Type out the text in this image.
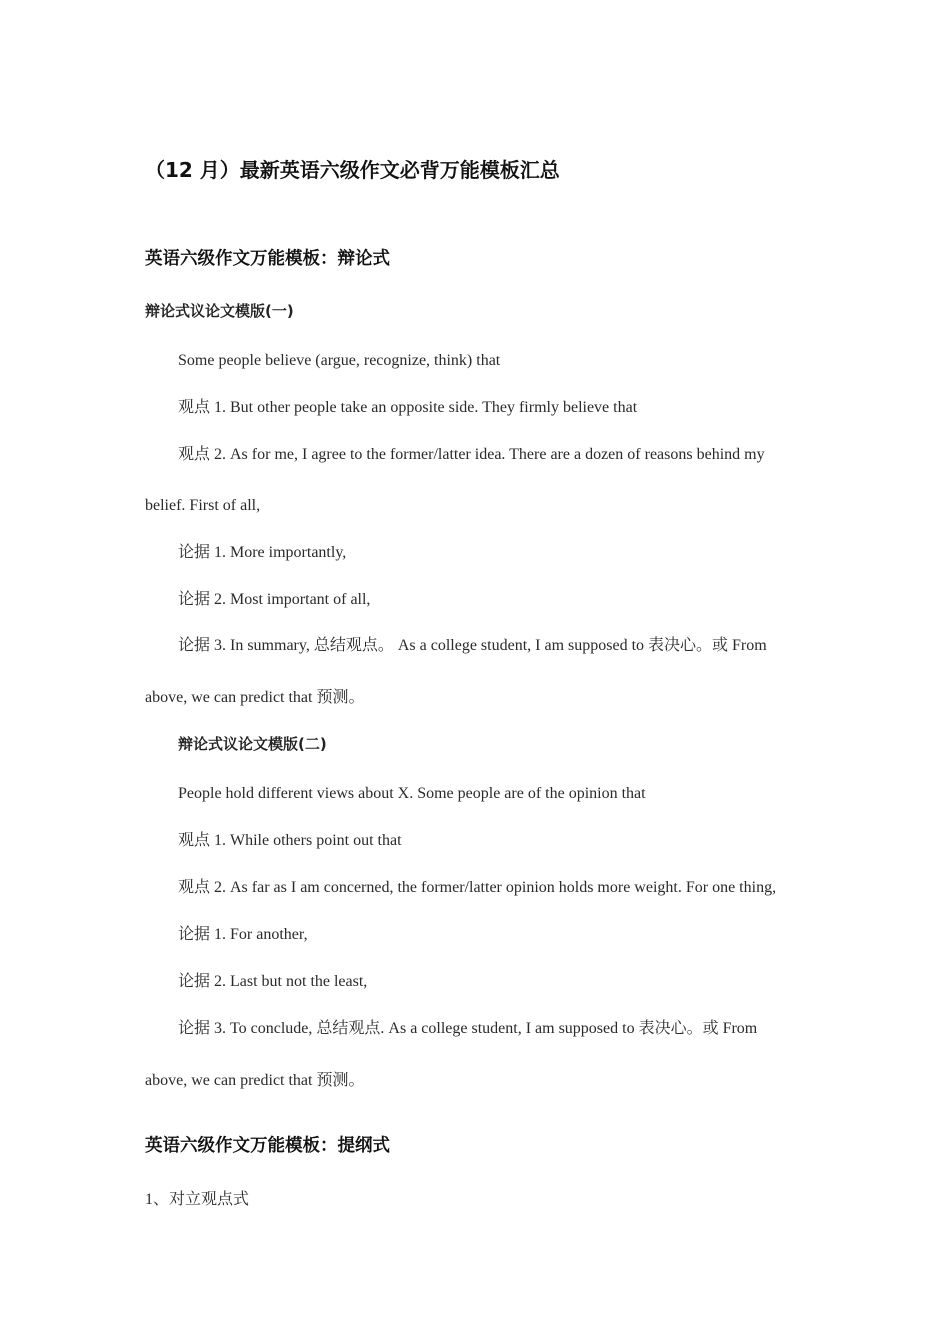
（12 月）最新英语六级作文必背万能模板汇总
英语六级作文万能模板：辩论式
辩论式议论文模版(一)
Some people believe (argue, recognize, think) that
观点 1. But other people take an opposite side. They firmly believe that
观点 2. As for me, I agree to the former/latter idea. There are a dozen of reasons behind my
belief. First of all,
论据 1. More importantly,
论据 2. Most important of all,
论据 3. In summary, 总结观点。 As a college student, I am supposed to 表决心。或 From
above, we can predict that 预测。
辩论式议论文模版(二)
People hold different views about X. Some people are of the opinion that
观点 1. While others point out that
观点 2. As far as I am concerned, the former/latter opinion holds more weight. For one thing,
论据 1. For another,
论据 2. Last but not the least,
论据 3. To conclude, 总结观点. As a college student, I am supposed to 表决心。或 From
above, we can predict that 预测。
英语六级作文万能模板：提纲式
1、对立观点式
